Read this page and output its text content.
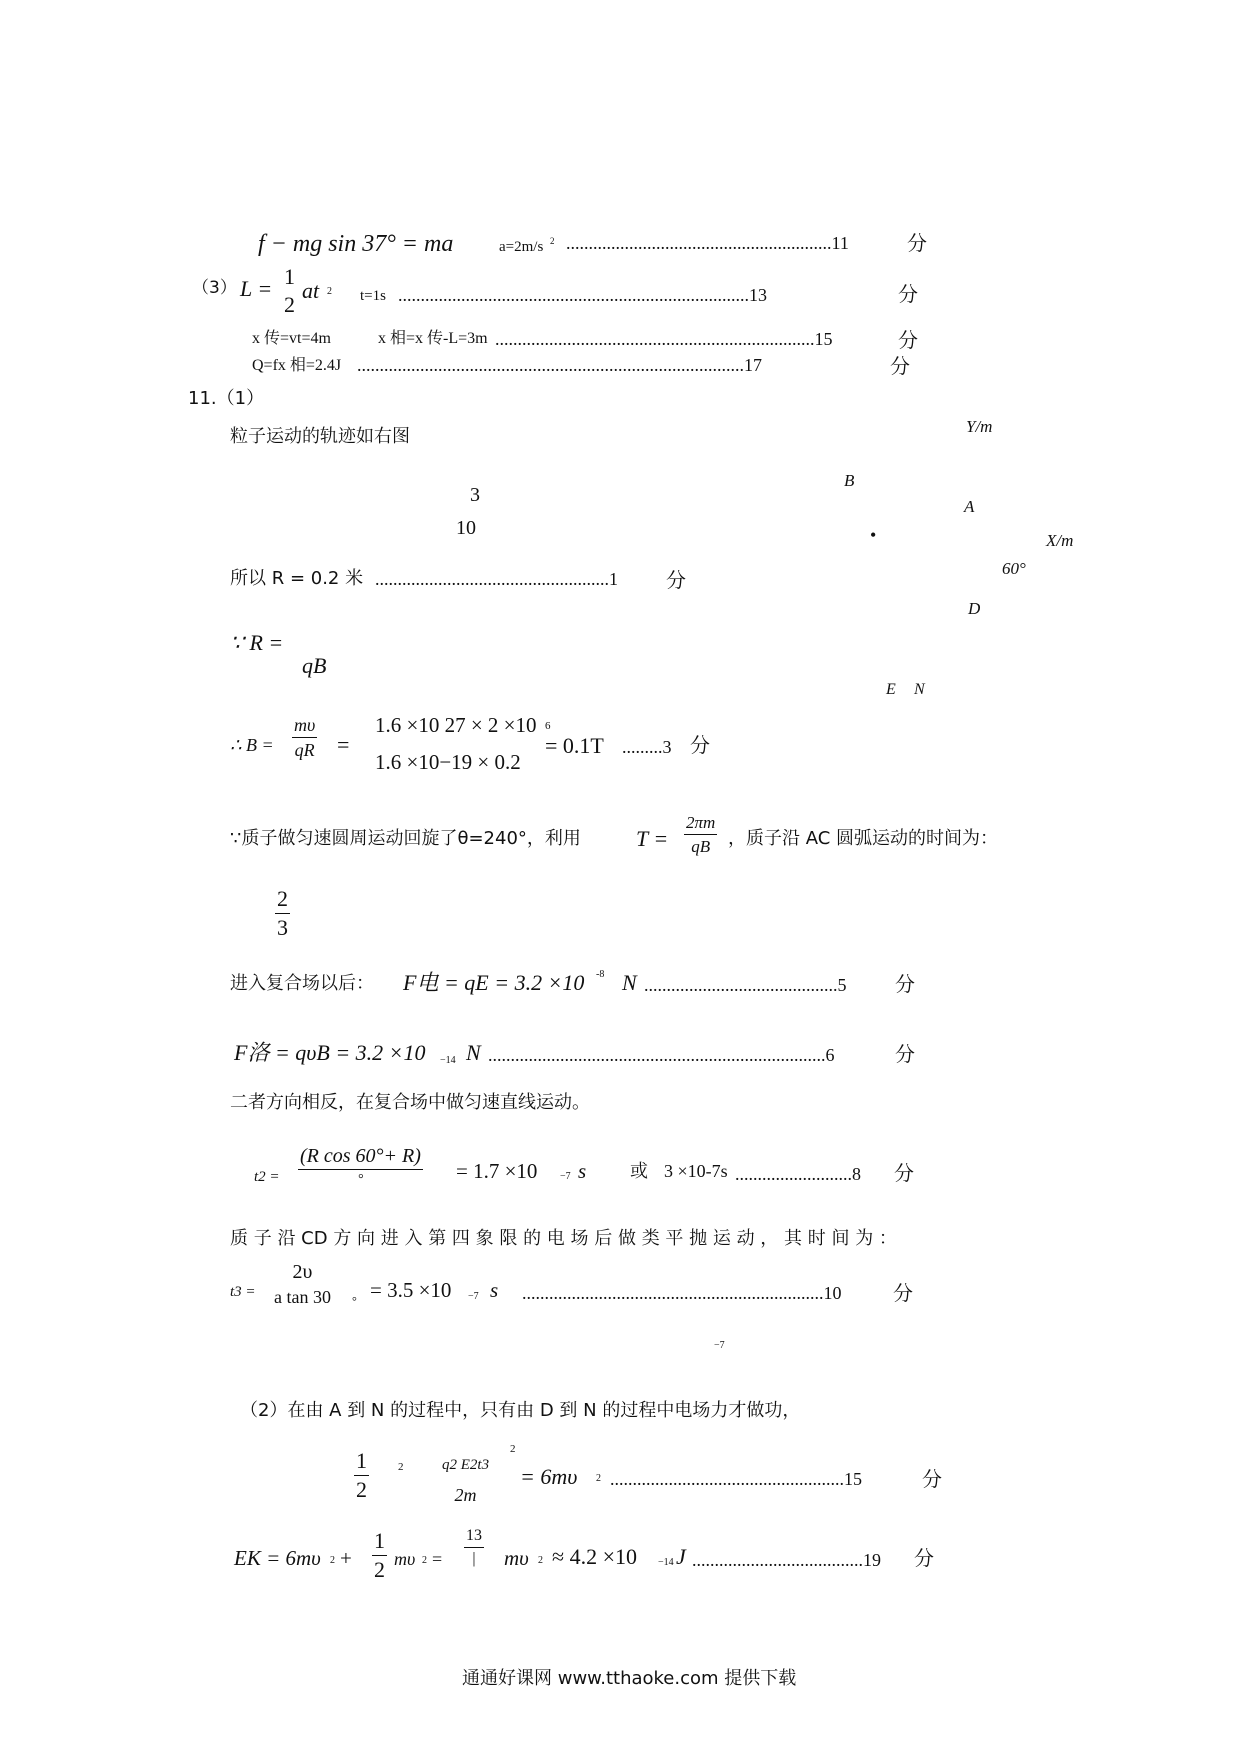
f − mg sin 37° = ma	a=2m/s 2 ...........................................................11	分
（3） L = 1
2
at 2 t=1s ..............................................................................13	分
x 传=vt=4m	x 相=x 传-L=3m .......................................................................15	分
Q=fx 相=2.4J ......................................................................................17	分
11.（1）
粒子运动的轨迹如右图
3
10
所以 R = 0.2 米 ....................................................1 分
∵ R =
qB
∴ B =
mυ
qR =
1.6 ×10 27 × 2 ×10 6
1.6 ×10−19 × 0.2
= 0.1T .........3 分
∵质子做匀速圆周运动回旋了θ=240°，利用	T =
2πm
qB ，质子沿 AC 圆弧运动的时间为：
2
3
进入复合场以后： F电 = qE = 3.2 ×10 -8 N ...........................................5 分
F洛 = qυB = 3.2 ×10 −14 N ...........................................................................6	分
二者方向相反，在复合场中做匀速直线运动。
t2 =
(R cos 60°+ R)
°	= 1.7 ×10 −7 s 或 3 ×10-7s ..........................8 分
质 子 沿 CD 方 向 进 入 第 四 象 限 的 电 场 后 做 类 平 抛 运 动 ， 其 时 间 为 ：
t3 =
2υ
a tan 30 ° = 3.5 ×10 −7 s ...................................................................10	分
−7
（2）在由 A 到 N 的过程中，只有由 D 到 N 的过程中电场力才做功，
1
2
2	q2 E2t3
2m
2
= 6mυ 2 ....................................................15	分
EK = 6mυ 2 +
1
2 mυ 2 =
13
|	mυ 2 ≈ 4.2 ×10 −14 J ......................................19 分
Y/m
B
A
•	X/m
60°
D
E N
通通好课网 www.tthaoke.com 提供下载
